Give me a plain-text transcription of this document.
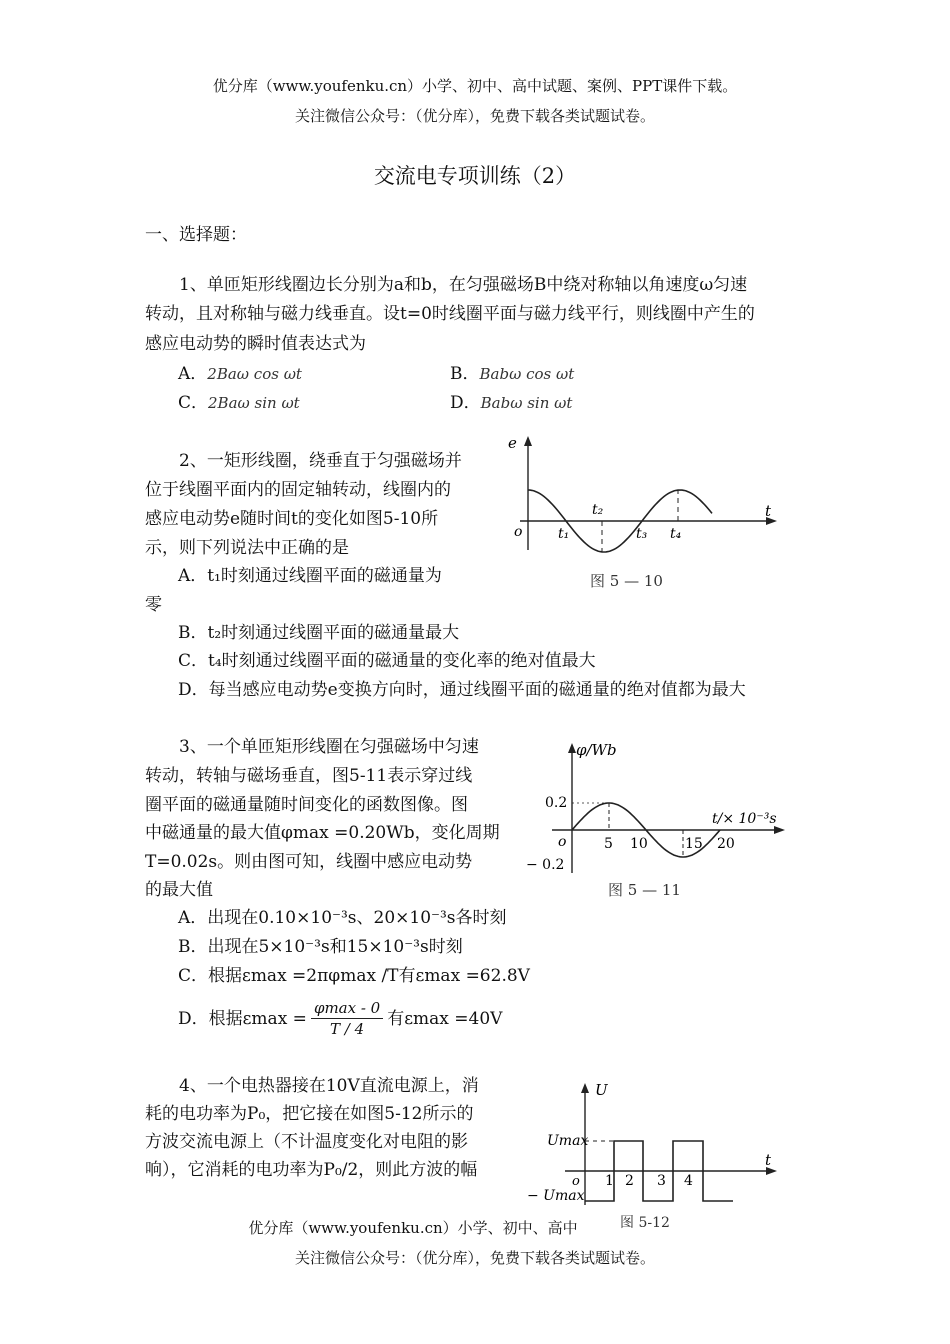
优分库（www.youfenku.cn）小学、初中、高中试题、案例、PPT课件下载。
关注微信公众号：（优分库），免费下载各类试题试卷。
交流电专项训练（2）
一、选择题：
1、单匝矩形线圈边长分别为a和b，在匀强磁场B中绕对称轴以角速度ω匀速
转动，且对称轴与磁力线垂直。设t=0时线圈平面与磁力线平行，则线圈中产生的
感应电动势的瞬时值表达式为
A．2Baω cos ωt	B．Babω cos ωt
C．2Baω sin ωt	D．Babω sin ωt
2、一矩形线圈，绕垂直于匀强磁场并
位于线圈平面内的固定轴转动，线圈内的
感应电动势e随时间t的变化如图5-10所
示，则下列说法中正确的是
A．t₁时刻通过线圈平面的磁通量为
零
B．t₂时刻通过线圈平面的磁通量最大
C．t₄时刻通过线圈平面的磁通量的变化率的绝对值最大
D．每当感应电动势e变换方向时，通过线圈平面的磁通量的绝对值都为最大
e
t
o	t₁
t₂
t₃ t₄
图 5 — 10
3、一个单匝矩形线圈在匀强磁场中匀速
转动，转轴与磁场垂直，图5-11表示穿过线
圈平面的磁通量随时间变化的函数图像。图
中磁通量的最大值φmax =0.20Wb，变化周期
T=0.02s。则由图可知，线圈中感应电动势
的最大值
A．出现在0.10×10⁻³s、20×10⁻³s各时刻
B．出现在5×10⁻³s和15×10⁻³s时刻
C．根据εmax =2πφmax /T有εmax =62.8V
D．根据εmax =
φmax - 0
T / 4
有εmax =40V
φ/Wb
t/× 10⁻³s
0.2
− 0.2
o	5 10	15 20
图 5 — 11
4、一个电热器接在10V直流电源上，消
耗的电功率为P₀，把它接在如图5-12所示的
方波交流电源上（不计温度变化对电阻的影
响），它消耗的电功率为P₀/2，则此方波的幅
U
t
Umax
− Umax
o 1 2 3 4
图 5-12
优分库（www.youfenku.cn）小学、初中、高中
关注微信公众号：（优分库），免费下载各类试题试卷。
